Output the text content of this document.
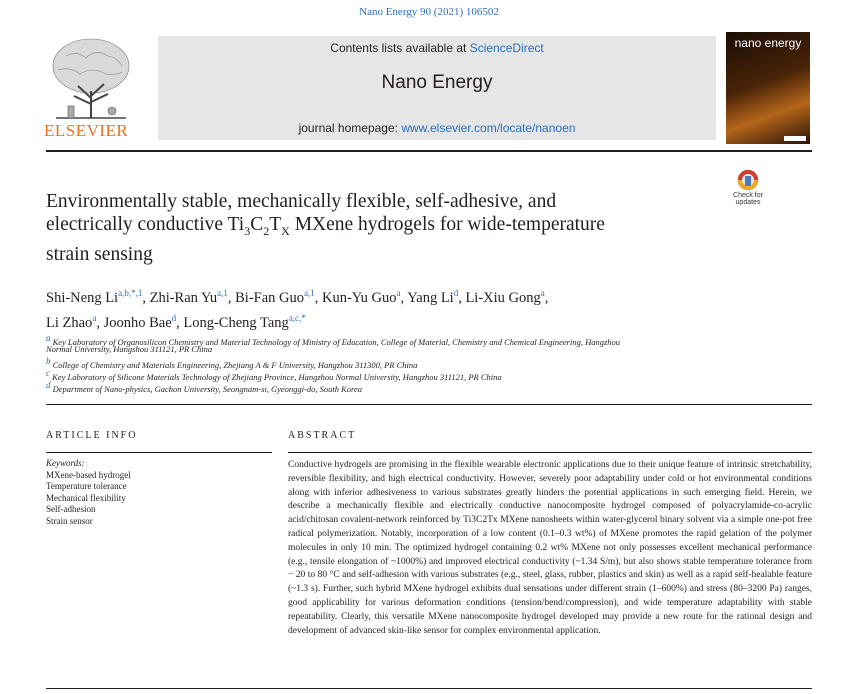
Nano Energy 90 (2021) 106502
ELSEVIER
Contents lists available at ScienceDirect
Nano Energy
journal homepage: www.elsevier.com/locate/nanoen
nano energy
Check for
updates
Environmentally stable, mechanically flexible, self-adhesive, and
electrically conductive $Ti_3C_2T_X$ MXene hydrogels for wide-temperature
strain sensing
Shi-Neng $Li^{a,b,*,1}$, Zhi-Ran Yu$^{a,1}$, Bi-Fan Guo$^{a,1}$, Kun-Yu Guo$^a$, Yang Li$^d$, Li-Xiu Gong$^a$,
Li Zhao$^a$, Joonho Bae$^d$, Long-Cheng Tang$^{a,c,*}$
$^a$ Key Laboratory of Organosilicon Chemistry and Material Technology of Ministry of Education, College of Material, Chemistry and Chemical Engineering, Hangzhou
Normal University, Hangshou 311121, PR China
$^b$ College of Chemistry and Materials Engineering, Zhejiang A & F University, Hangzhou 311300, PR China
$^c$ Key Laboratory of Silicone Materials Technology of Zhejiang Province, Hangzhou Normal University, Hangzhou 311121, PR China
$^d$ Department of Nano-physics, Gachon University, Seongnam-si, Gyeonggi-do, South Korea
ARTICLE INFO	ABSTRACT
Keywords:
MXene-based hydrogel
Temperature tolerance
Mechanical flexibility
Self-adhesion
Strain sensor
Conductive hydrogels are promising in the flexible wearable electronic applications due to their unique feature of intrinsic stretchability, reversible flexibility, and high electrical conductivity. However, severely poor adaptability under cold or hot environmental conditions along with inferior adhesiveness to various substrates greatly hinders the potential applications in such emerging field. Herein, we describe a mechanically flexible and electrically conductive nanocomposite hydrogel composed of polyacrylamide-co-acrylic acid/chitosan covalent-network reinforced by Ti3C2Tx MXene nanosheets within water-glycerol binary solvent via a simple one-pot free radical polymerization. Notably, incorporation of a low content (0.1–0.3 wt%) of MXene promotes the rapid gelation of the polymer molecules in only 10 min. The optimized hydrogel containing 0.2 wt% MXene not only possesses excellent mechanical performance (e.g., tensile elongation of ~1000%) and improved electrical conductivity (~1.34 S/m), but also shows stable temperature tolerance from − 20 to 80 °C and self-adhesion with various substrates (e.g., steel, glass, rubber, plastics and skin) as well as a rapid self-healable feature (~1.3 s). Further, such hybrid MXene hydrogel exhibits dual sensations under different strain (1–600%) and stress (80–3200 Pa) ranges, good applicability for various deformation conditions (tension/bend/compression), and wide temperature adaptability with stable repeatability. Clearly, this versatile MXene nanocomposite hydrogel developed may provide a new route for the rational design and development of advanced skin-like sensor for complex environmental application.
